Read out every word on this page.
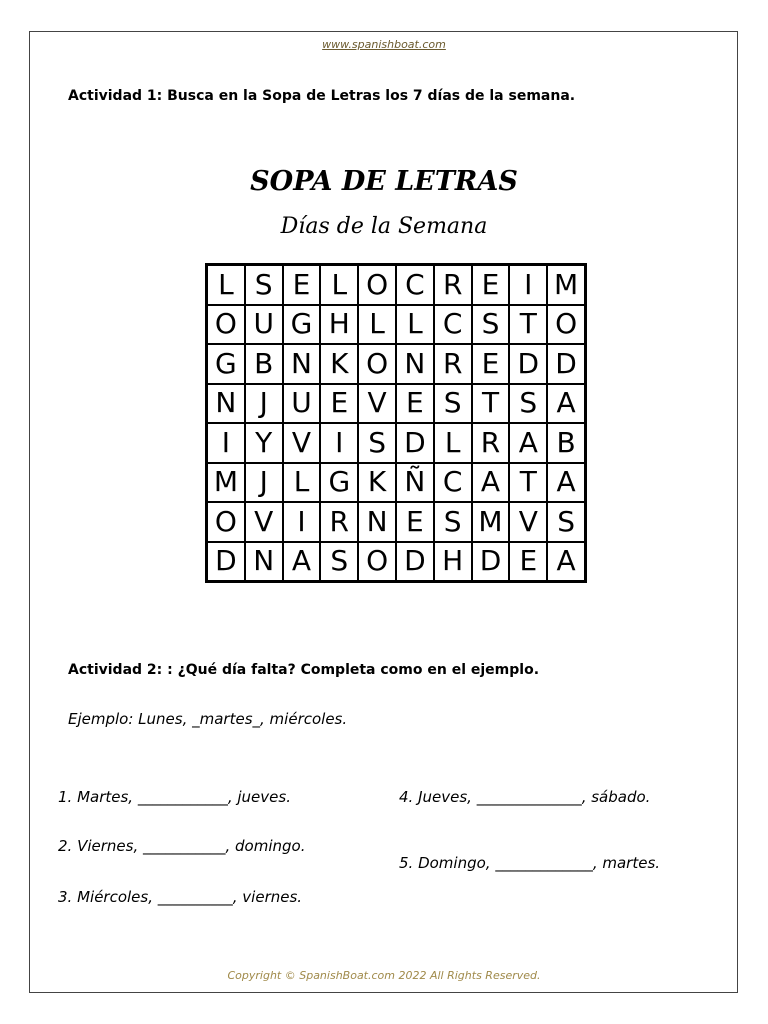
www.spanishboat.com
Actividad 1: Busca en la Sopa de Letras los 7 días de la semana.
SOPA DE LETRAS
Días de la Semana
L S E L O C R E I M
O U G H L L C S T O
G B N K O N R E D D
N J U E V E S T S A
I Y V I S D L R A B
M J L G K Ñ C A T A
O V I R N E S M V S
D N A S O D H D E A
Actividad 2: : ¿Qué día falta? Completa como en el ejemplo.
Ejemplo: Lunes, _martes_, miércoles.
1. Martes, ____________, jueves.
2. Viernes, ___________, domingo.
3. Miércoles, __________, viernes.
4. Jueves, ______________, sábado.
5. Domingo, _____________, martes.
Copyright © SpanishBoat.com 2022 All Rights Reserved.
